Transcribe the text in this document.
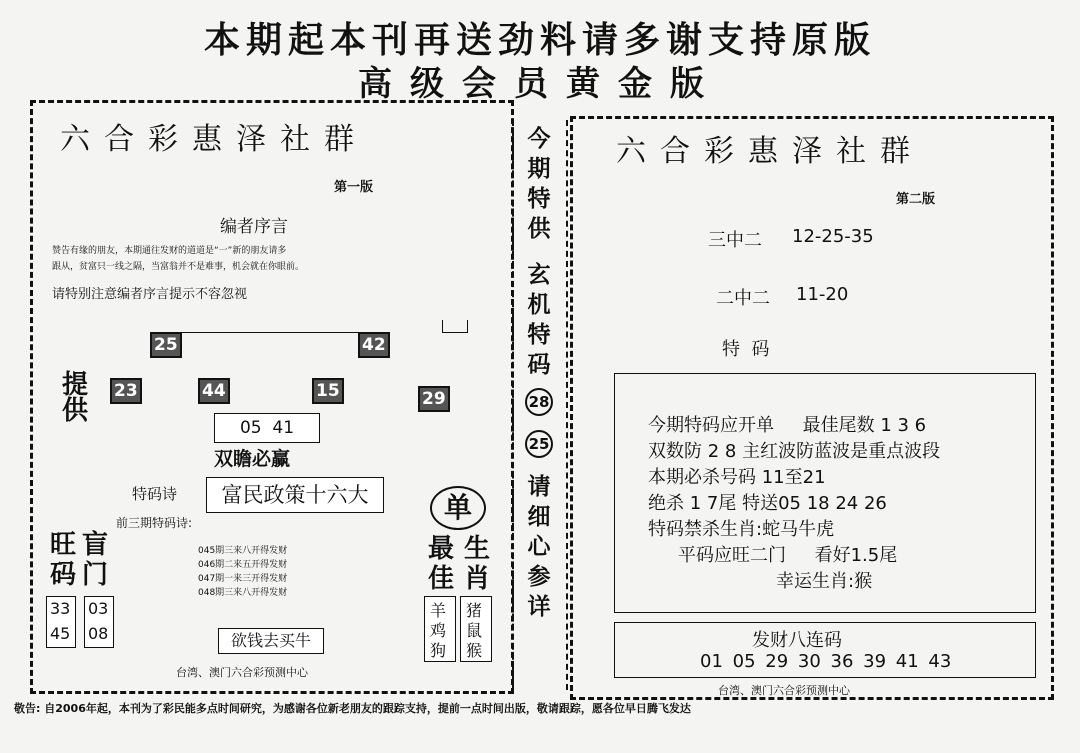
本期起本刊再送劲料请多谢支持原版
高级会员黄金版
六合彩惠泽社群
第一版
编者序言
赞告有缘的朋友，本期通往发财的道道是“一”新的朋友请多
跟从，贫富只一线之隔，当富翁并不是难事，机会就在你眼前。
请特别注意编者序言提示不容忽视
25	42
提
供
23	44	15	29
05  41
双瞻必赢
特码诗	富民政策十六大
前三期特码诗:
045期三来八开得发财
046期二来五开得发财
047期一来三开得发财
048期三来八开得发财
旺
码
盲
门
33
45
03
08	欲钱去买牛
台湾、澳门六合彩预测中心
单
最
佳
生
肖
羊
鸡
狗
猪
鼠
猴
今
期
特
供
玄
机
特
码
28
25
请
细
心
参
详
六合彩惠泽社群
第二版
三中二 12-25-35
二中二 11-20
特  码
今期特码应开单     最佳尾数 1 3 6
双数防 2 8 主红波防蓝波是重点波段
本期必杀号码 11至21
绝杀 1 7尾 特送05 18 24 26
特码禁杀生肖:蛇马牛虎
平码应旺二门     看好1.5尾
幸运生肖:猴
发财八连码
01 05 29 30 36 39 41 43
台湾、澳门六合彩预测中心
敬告: 自2006年起，本刊为了彩民能多点时间研究，为感谢各位新老朋友的跟踪支持，提前一点时间出版，敬请跟踪，愿各位早日腾飞发达
